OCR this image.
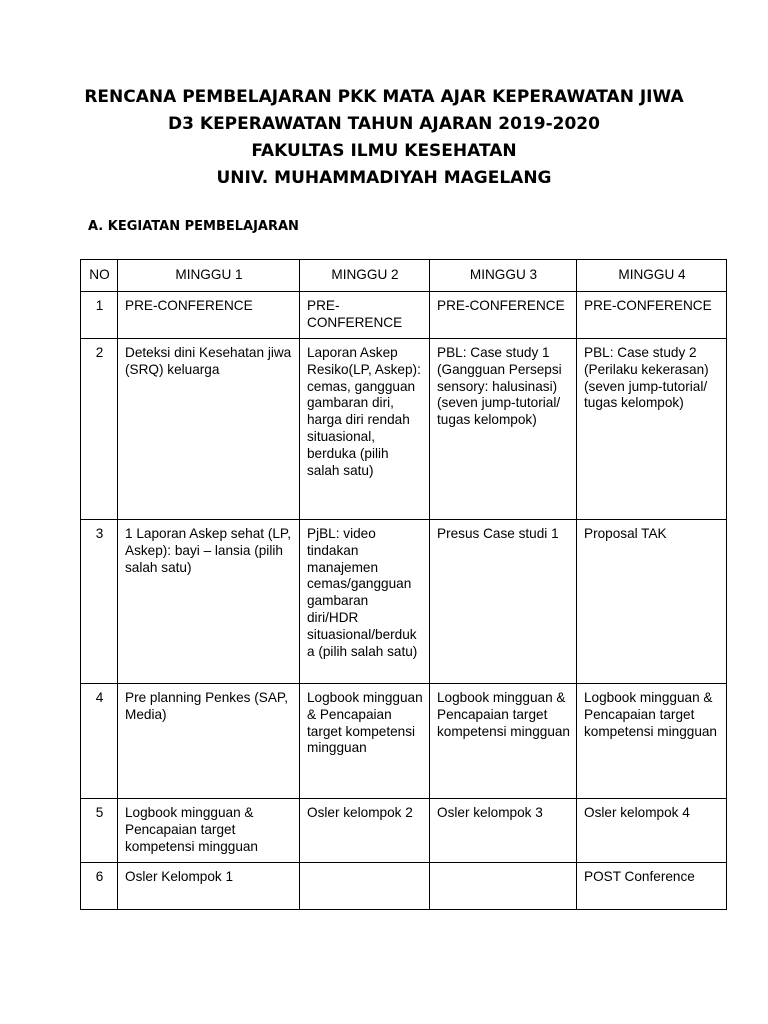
RENCANA PEMBELAJARAN PKK MATA AJAR KEPERAWATAN JIWA
D3 KEPERAWATAN TAHUN AJARAN 2019-2020
FAKULTAS ILMU KESEHATAN
UNIV. MUHAMMADIYAH MAGELANG
A. KEGIATAN PEMBELAJARAN
NO	MINGGU 1	MINGGU 2	MINGGU 3	MINGGU 4
1	PRE-CONFERENCE	PRE-CONFERENCE	PRE-CONFERENCE	PRE-CONFERENCE
2	Deteksi dini Kesehatan jiwa (SRQ) keluarga	Laporan Askep Resiko(LP, Askep): cemas, gangguan gambaran diri, harga diri rendah situasional, berduka (pilih salah satu)	PBL: Case study 1 (Gangguan Persepsi sensory: halusinasi) (seven jump-tutorial/ tugas kelompok)	PBL: Case study 2 (Perilaku kekerasan) (seven jump-tutorial/ tugas kelompok)
3	1 Laporan Askep sehat (LP, Askep): bayi – lansia (pilih salah satu)	PjBL: video tindakan manajemen cemas/gangguan gambaran diri/HDR situasional/berduka (pilih salah satu)	Presus Case studi 1	Proposal TAK
4	Pre planning Penkes (SAP, Media)	Logbook mingguan & Pencapaian target kompetensi mingguan	Logbook mingguan & Pencapaian target kompetensi mingguan	Logbook mingguan & Pencapaian target kompetensi mingguan
5	Logbook mingguan & Pencapaian target kompetensi mingguan	Osler kelompok 2	Osler kelompok 3	Osler kelompok 4
6	Osler Kelompok 1			POST Conference
